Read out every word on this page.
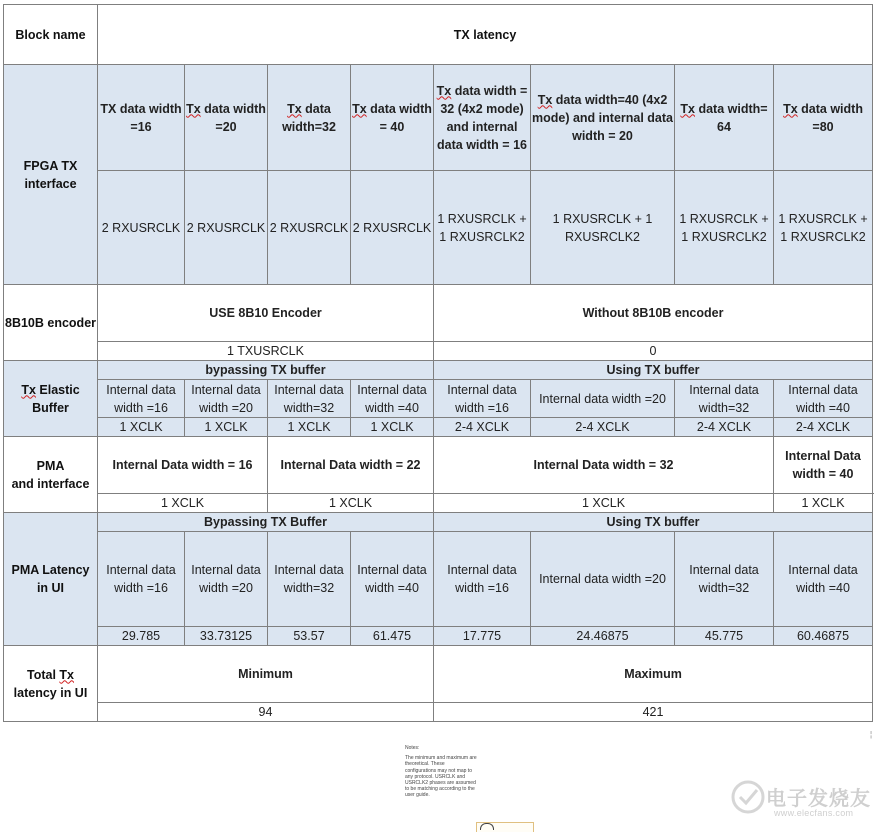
Block name	TX latency							
FPGA TX interface	TX data width =16	Tx data width =20	Tx data width=32	Tx data width = 40	Tx data width = 32 (4x2 mode) and internal data width = 16	Tx data width=40 (4x2 mode) and internal data width = 20	Tx data width= 64	Tx data width =80
	2 RXUSRCLK	2 RXUSRCLK	2 RXUSRCLK	2 RXUSRCLK	1 RXUSRCLK + 1 RXUSRCLK2	1 RXUSRCLK + 1 RXUSRCLK2	1 RXUSRCLK + 1 RXUSRCLK2	1 RXUSRCLK + 1 RXUSRCLK2
8B10B encoder	USE 8B10 Encoder				Without 8B10B encoder			
	1 TXUSRCLK				0			
Tx Elastic Buffer	bypassing TX buffer				Using TX buffer			
	Internal data width =16	Internal data width =20	Internal data width=32	Internal data width =40	Internal data width =16	Internal data width =20	Internal data width=32	Internal data width =40
	1 XCLK	1 XCLK	1 XCLK	1 XCLK	2-4 XCLK	2-4 XCLK	2-4 XCLK	2-4 XCLK
PMA
and interface	Internal Data width = 16		Internal Data width = 22		Internal Data width = 32			Internal Data width = 40
	1 XCLK		1 XCLK		1 XCLK			1 XCLK
PMA Latency in UI	Bypassing TX Buffer				Using TX buffer			
	Internal data width =16	Internal data width =20	Internal data width=32	Internal data width =40	Internal data width =16	Internal data width =20	Internal data width=32	Internal data width =40
	29.785	33.73125	53.57	61.475	17.775	24.46875	45.775	60.46875
Total Tx
latency in UI	Minimum				Maximum			
	94				421			
Notes:
The minimum and maximum are theoretical. These configurations may not map to any protocol. USRCLK and USRCLK2 phases are assumed to be matching according to the user guide.
¦
电子发烧友
www.elecfans.com
